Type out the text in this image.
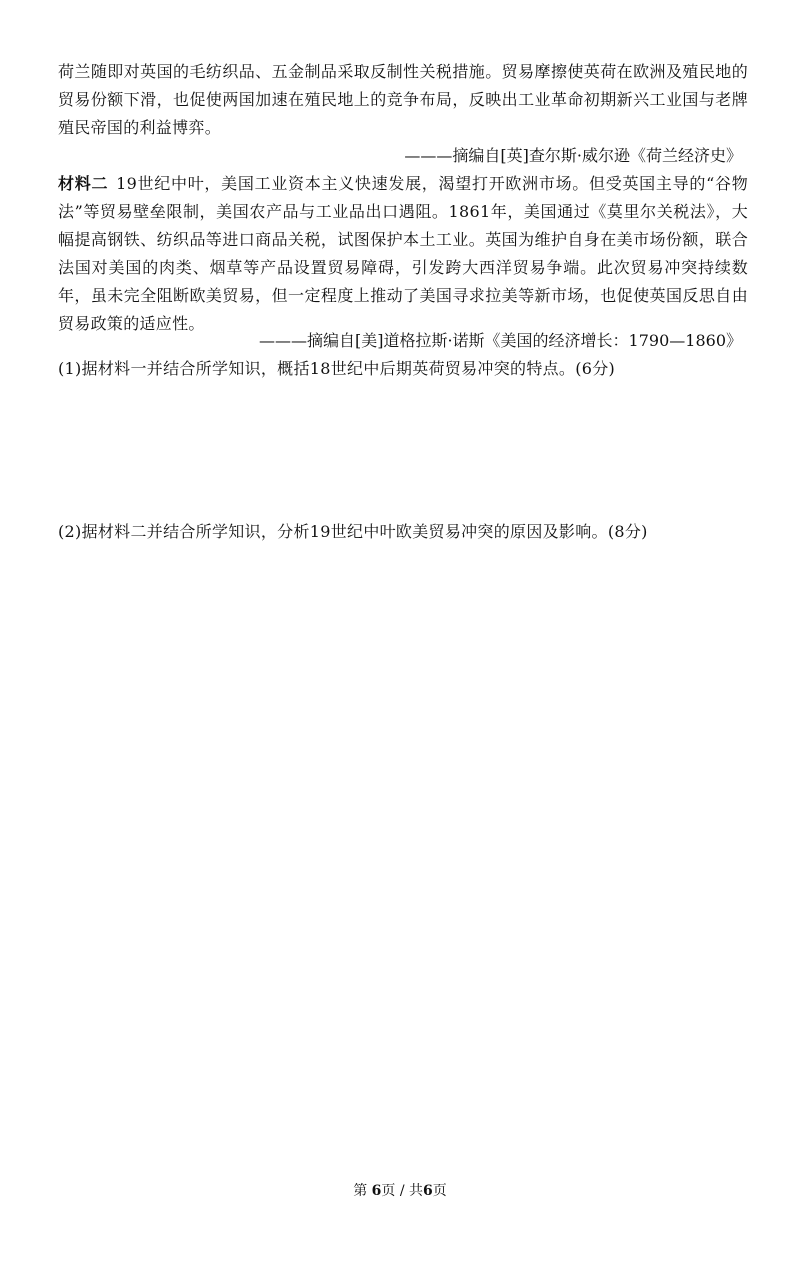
荷兰随即对英国的毛纺织品、五金制品采取反制性关税措施。贸易摩擦使英荷在欧洲及殖民地的贸易份额下滑，也促使两国加速在殖民地上的竞争布局，反映出工业革命初期新兴工业国与老牌殖民帝国的利益博弈。

———摘编自[英]查尔斯·威尔逊《荷兰经济史》

材料二 19世纪中叶，美国工业资本主义快速发展，渴望打开欧洲市场。但受英国主导的“谷物法”等贸易壁垒限制，美国农产品与工业品出口遇阻。1861年，美国通过《莫里尔关税法》，大幅提高钢铁、纺织品等进口商品关税，试图保护本土工业。英国为维护自身在美市场份额，联合法国对美国的肉类、烟草等产品设置贸易障碍，引发跨大西洋贸易争端。此次贸易冲突持续数年，虽未完全阻断欧美贸易，但一定程度上推动了美国寻求拉美等新市场，也促使英国反思自由贸易政策的适应性。

———摘编自[美]道格拉斯·诺斯《美国的经济增长：1790—1860》

(1)据材料一并结合所学知识，概括18世纪中后期英荷贸易冲突的特点。(6分)

(2)据材料二并结合所学知识，分析19世纪中叶欧美贸易冲突的原因及影响。(8分)

第 6页 / 共6页
